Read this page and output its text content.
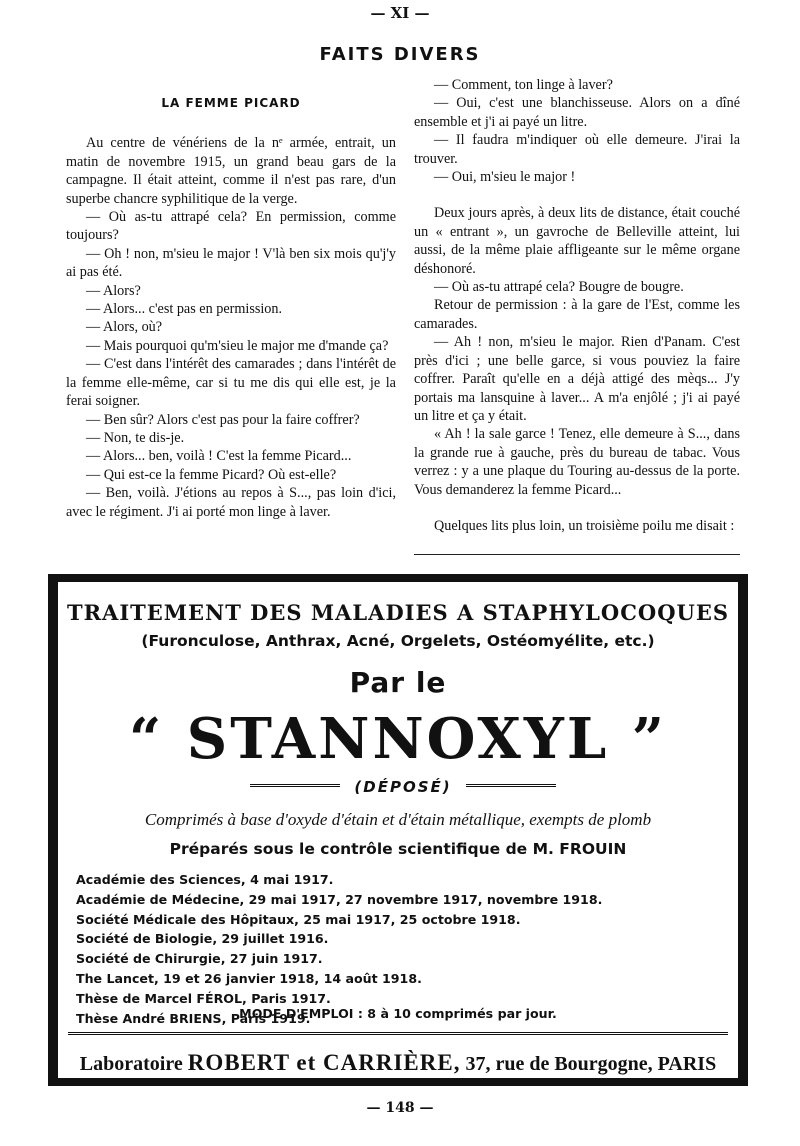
— XI —
FAITS DIVERS
LA FEMME PICARD

Au centre de vénériens de la nᵉ armée, entrait, un matin de novembre 1915, un grand beau gars de la campagne. Il était atteint, comme il n'est pas rare, d'un superbe chancre syphilitique de la verge.

— Où as-tu attrapé cela? En permission, comme toujours?

— Oh ! non, m'sieu le major ! V'là ben six mois qu'j'y ai pas été.

— Alors?

— Alors... c'est pas en permission.

— Alors, où?

— Mais pourquoi qu'm'sieu le major me d'mande ça?

— C'est dans l'intérêt des camarades ; dans l'intérêt de la femme elle-même, car si tu me dis qui elle est, je la ferai soigner.

— Ben sûr? Alors c'est pas pour la faire coffrer?

— Non, te dis-je.

— Alors... ben, voilà ! C'est la femme Picard...

— Qui est-ce la femme Picard? Où est-elle?

— Ben, voilà. J'étions au repos à S..., pas loin d'ici, avec le régiment. J'i ai porté mon linge à laver.

— Comment, ton linge à laver?

— Oui, c'est une blanchisseuse. Alors on a dîné ensemble et j'i ai payé un litre.

— Il faudra m'indiquer où elle demeure. J'irai la trouver.

— Oui, m'sieu le major !

Deux jours après, à deux lits de distance, était couché un « entrant », un gavroche de Belleville atteint, lui aussi, de la même plaie affligeante sur le même organe déshonoré.

— Où as-tu attrapé cela? Bougre de bougre.

Retour de permission : à la gare de l'Est, comme les camarades.

— Ah ! non, m'sieu le major. Rien d'Panam. C'est près d'ici ; une belle garce, si vous pouviez la faire coffrer. Paraît qu'elle en a déjà attigé des mèqs... J'y portais ma lansquine à laver... A m'a enjôlé ; j'i ai payé un litre et ça y était.

« Ah ! la sale garce ! Tenez, elle demeure à S..., dans la grande rue à gauche, près du bureau de tabac. Vous verrez : y a une plaque du Touring au-dessus de la porte. Vous demanderez la femme Picard...

Quelques lits plus loin, un troisième poilu me disait :

TRAITEMENT DES MALADIES A STAPHYLOCOQUES
(Furonculose, Anthrax, Acné, Orgelets, Ostéomyélite, etc.)
Par le
“ STANNOXYL ”
(DÉPOSÉ)
Comprimés à base d'oxyde d'étain et d'étain métallique, exempts de plomb
Préparés sous le contrôle scientifique de M. FROUIN
Académie des Sciences, 4 mai 1917.
Académie de Médecine, 29 mai 1917, 27 novembre 1917, novembre 1918.
Société Médicale des Hôpitaux, 25 mai 1917, 25 octobre 1918.
Société de Biologie, 29 juillet 1916.
Société de Chirurgie, 27 juin 1917.
The Lancet, 19 et 26 janvier 1918, 14 août 1918.
Thèse de Marcel FÉROL, Paris 1917.
Thèse André BRIENS, Paris 1919.
MODE D'EMPLOI : 8 à 10 comprimés par jour.
Laboratoire ROBERT et CARRIÈRE, 37, rue de Bourgogne, PARIS
— 148 —
